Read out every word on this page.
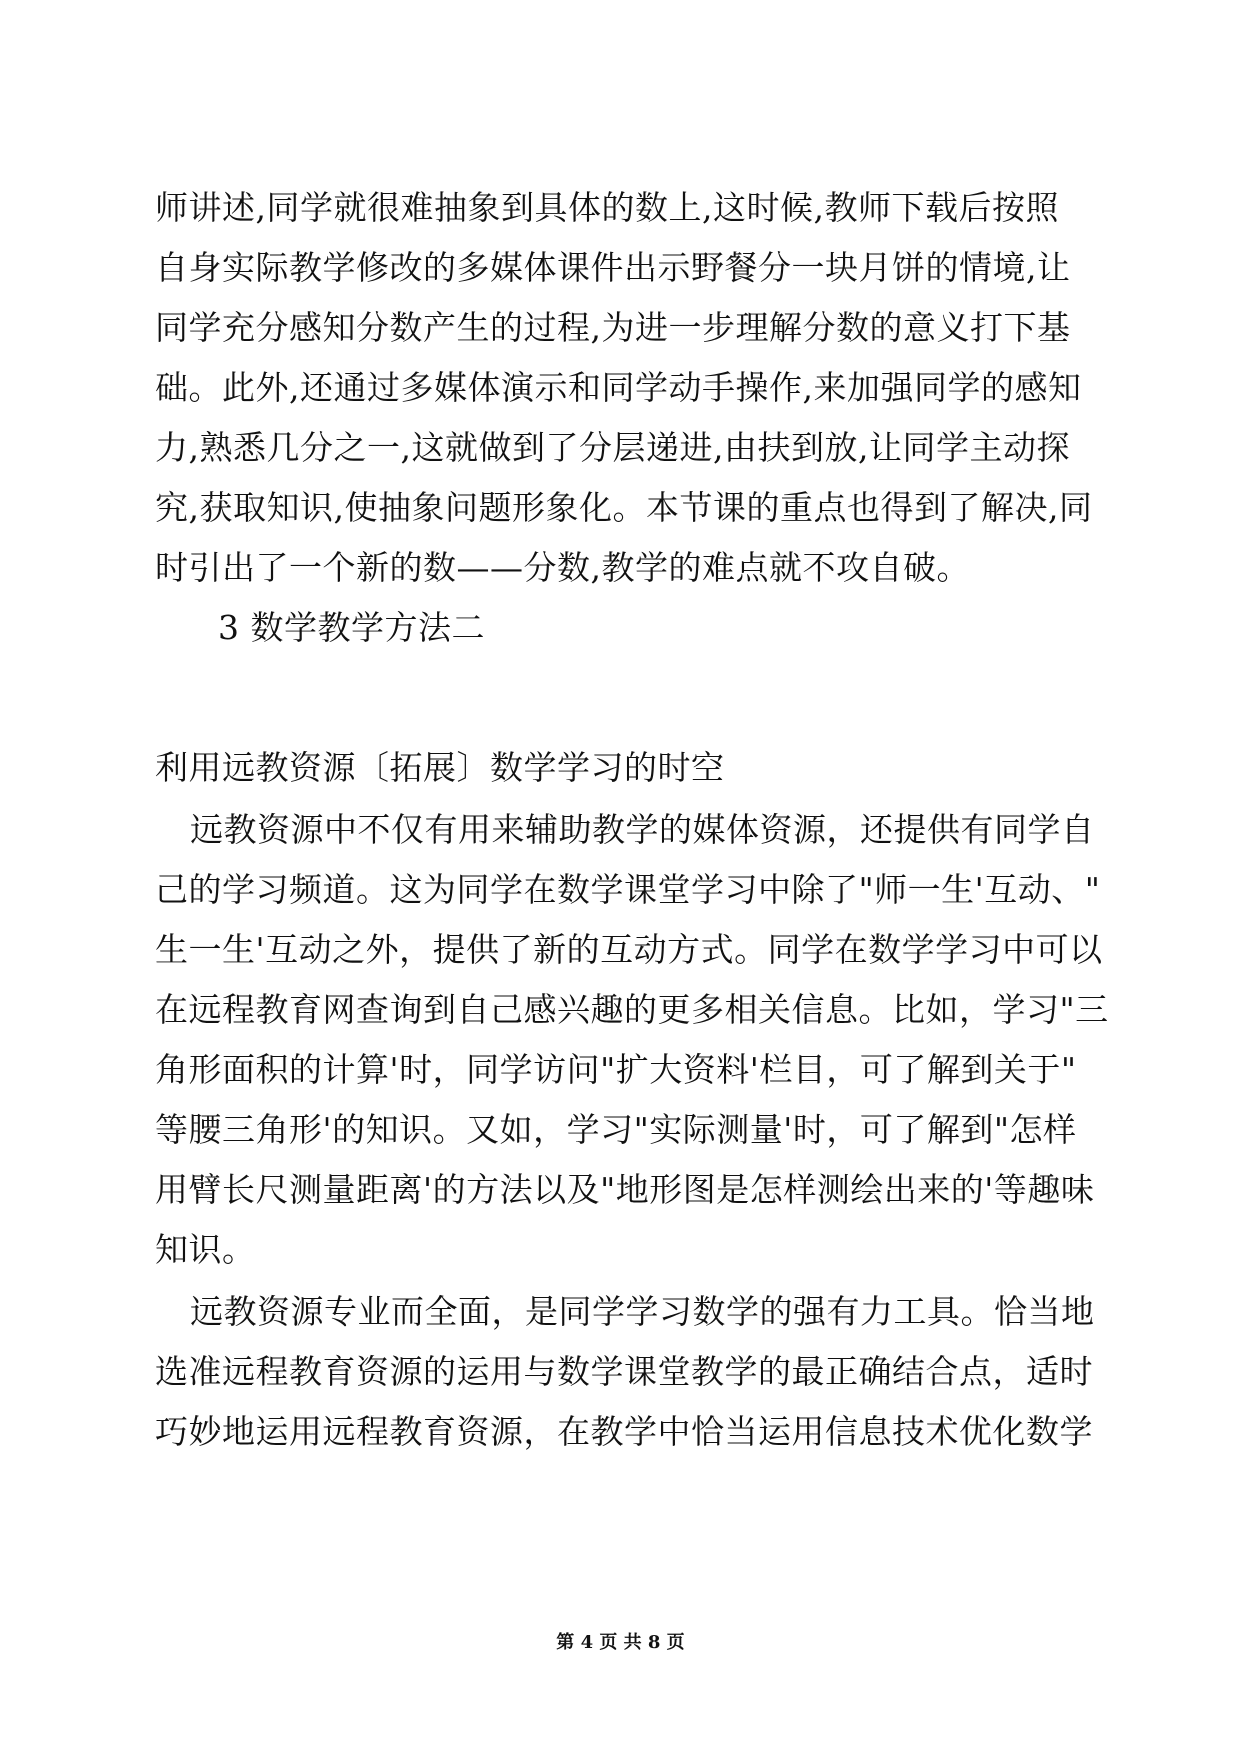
师讲述,同学就很难抽象到具体的数上,这时候,教师下载后按照
自身实际教学修改的多媒体课件出示野餐分一块月饼的情境,让
同学充分感知分数产生的过程,为进一步理解分数的意义打下基
础。此外,还通过多媒体演示和同学动手操作,来加强同学的感知
力,熟悉几分之一,这就做到了分层递进,由扶到放,让同学主动探
究,获取知识,使抽象问题形象化。本节课的重点也得到了解决,同
时引出了一个新的数——分数,教学的难点就不攻自破。
3 数学教学方法二
利用远教资源〔拓展〕数学学习的时空
远教资源中不仅有用来辅助教学的媒体资源，还提供有同学自
己的学习频道。这为同学在数学课堂学习中除了"师一生'互动、"
生一生'互动之外，提供了新的互动方式。同学在数学学习中可以
在远程教育网查询到自己感兴趣的更多相关信息。比如，学习"三
角形面积的计算'时，同学访问"扩大资料'栏目，可了解到关于"
等腰三角形'的知识。又如，学习"实际测量'时，可了解到"怎样
用臂长尺测量距离'的方法以及"地形图是怎样测绘出来的'等趣味
知识。
远教资源专业而全面，是同学学习数学的强有力工具。恰当地
选准远程教育资源的运用与数学课堂教学的最正确结合点，适时
巧妙地运用远程教育资源，在教学中恰当运用信息技术优化数学
第 4 页 共 8 页
